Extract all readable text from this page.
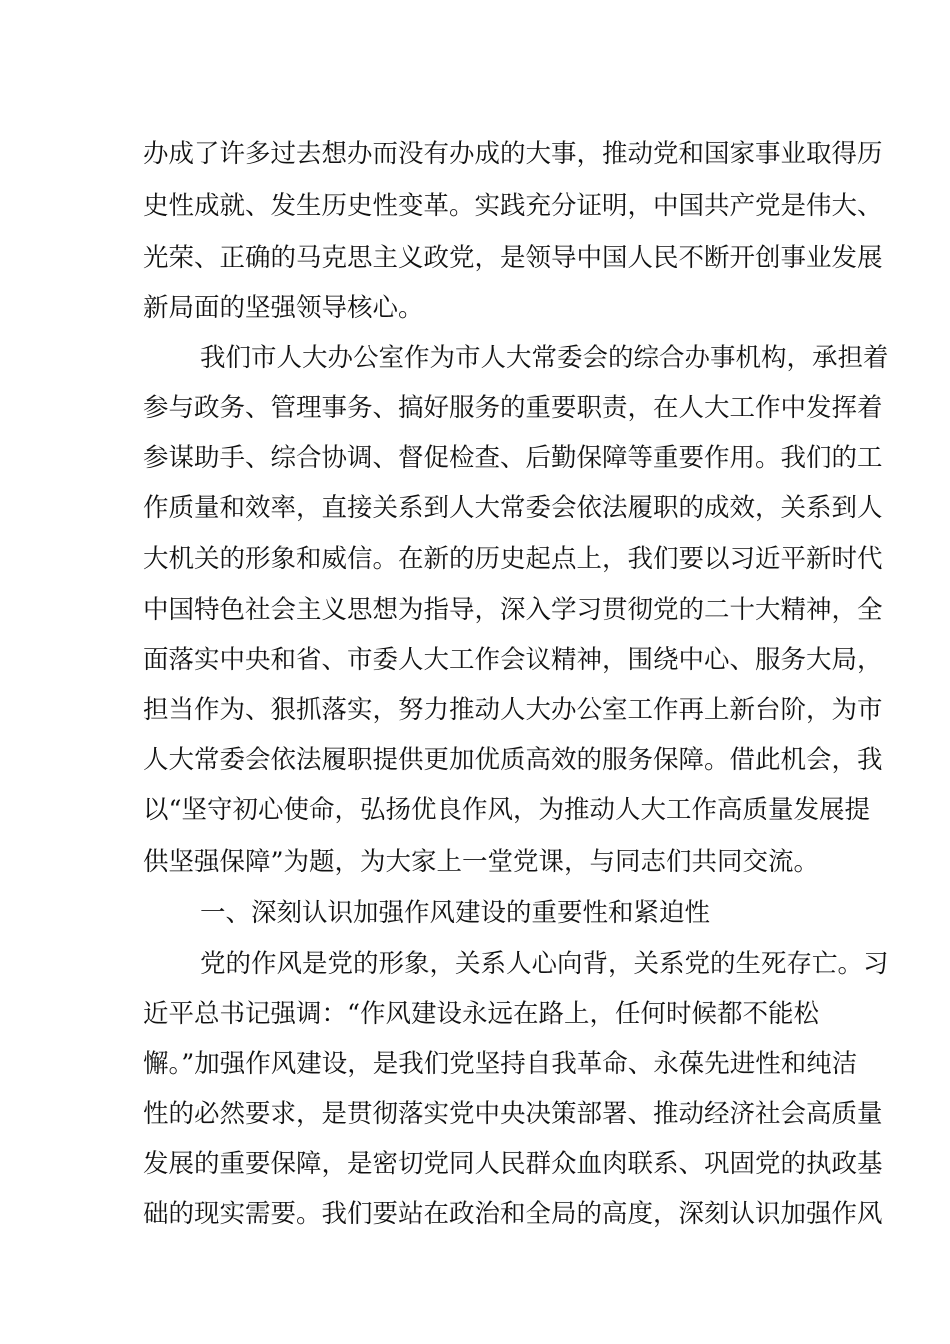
办成了许多过去想办而没有办成的大事，推动党和国家事业取得历
史性成就、发生历史性变革。实践充分证明，中国共产党是伟大、
光荣、正确的马克思主义政党，是领导中国人民不断开创事业发展
新局面的坚强领导核心。
我们市人大办公室作为市人大常委会的综合办事机构，承担着
参与政务、管理事务、搞好服务的重要职责，在人大工作中发挥着
参谋助手、综合协调、督促检查、后勤保障等重要作用。我们的工
作质量和效率，直接关系到人大常委会依法履职的成效，关系到人
大机关的形象和威信。在新的历史起点上，我们要以习近平新时代
中国特色社会主义思想为指导，深入学习贯彻党的二十大精神，全
面落实中央和省、市委人大工作会议精神，围绕中心、服务大局，
担当作为、狠抓落实，努力推动人大办公室工作再上新台阶，为市
人大常委会依法履职提供更加优质高效的服务保障。借此机会，我
以“坚守初心使命，弘扬优良作风，为推动人大工作高质量发展提
供坚强保障”为题，为大家上一堂党课，与同志们共同交流。
一、深刻认识加强作风建设的重要性和紧迫性
党的作风是党的形象，关系人心向背，关系党的生死存亡。习
近平总书记强调：“作风建设永远在路上，任何时候都不能松
懈。”加强作风建设，是我们党坚持自我革命、永葆先进性和纯洁
性的必然要求，是贯彻落实党中央决策部署、推动经济社会高质量
发展的重要保障，是密切党同人民群众血肉联系、巩固党的执政基
础的现实需要。我们要站在政治和全局的高度，深刻认识加强作风
